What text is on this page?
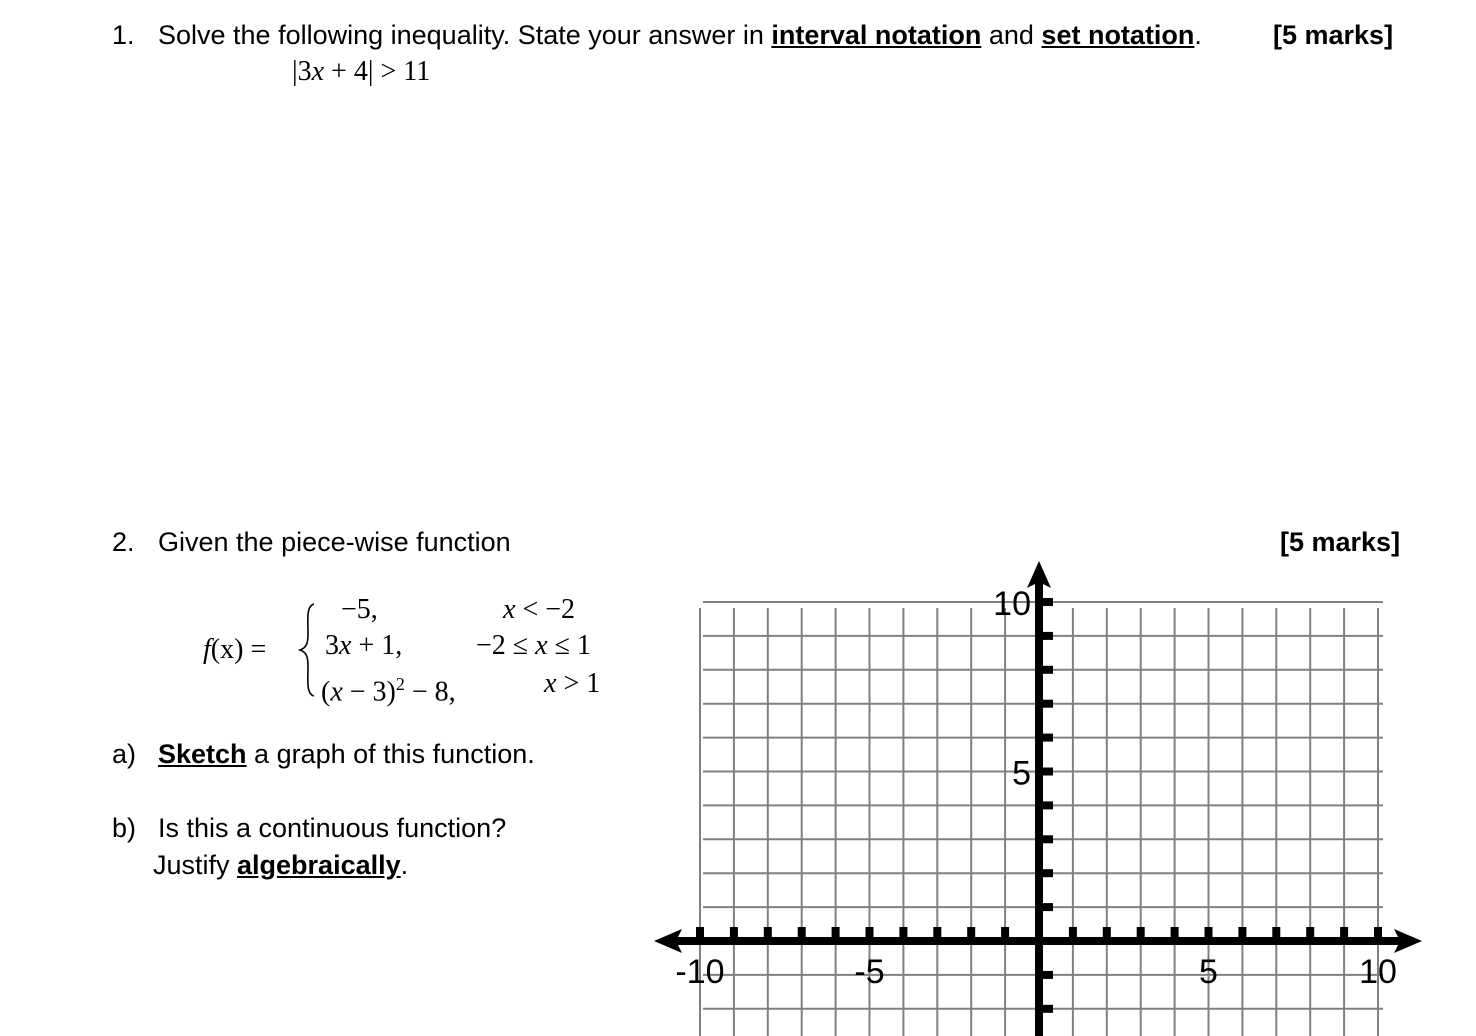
1. Solve the following inequality. State your answer in interval notation and set notation.	[5 marks]
|3x + 4| > 11
2. Given the piece-wise function	[5 marks]
f(x) =
−5,	x < −2
3x + 1,	−2 ≤ x ≤ 1
$(x - 3)^2 - 8$,	x > 1
a) Sketch a graph of this function.
b) Is this a continuous function?
Justify algebraically.
-10	-5	5	10
10
5
